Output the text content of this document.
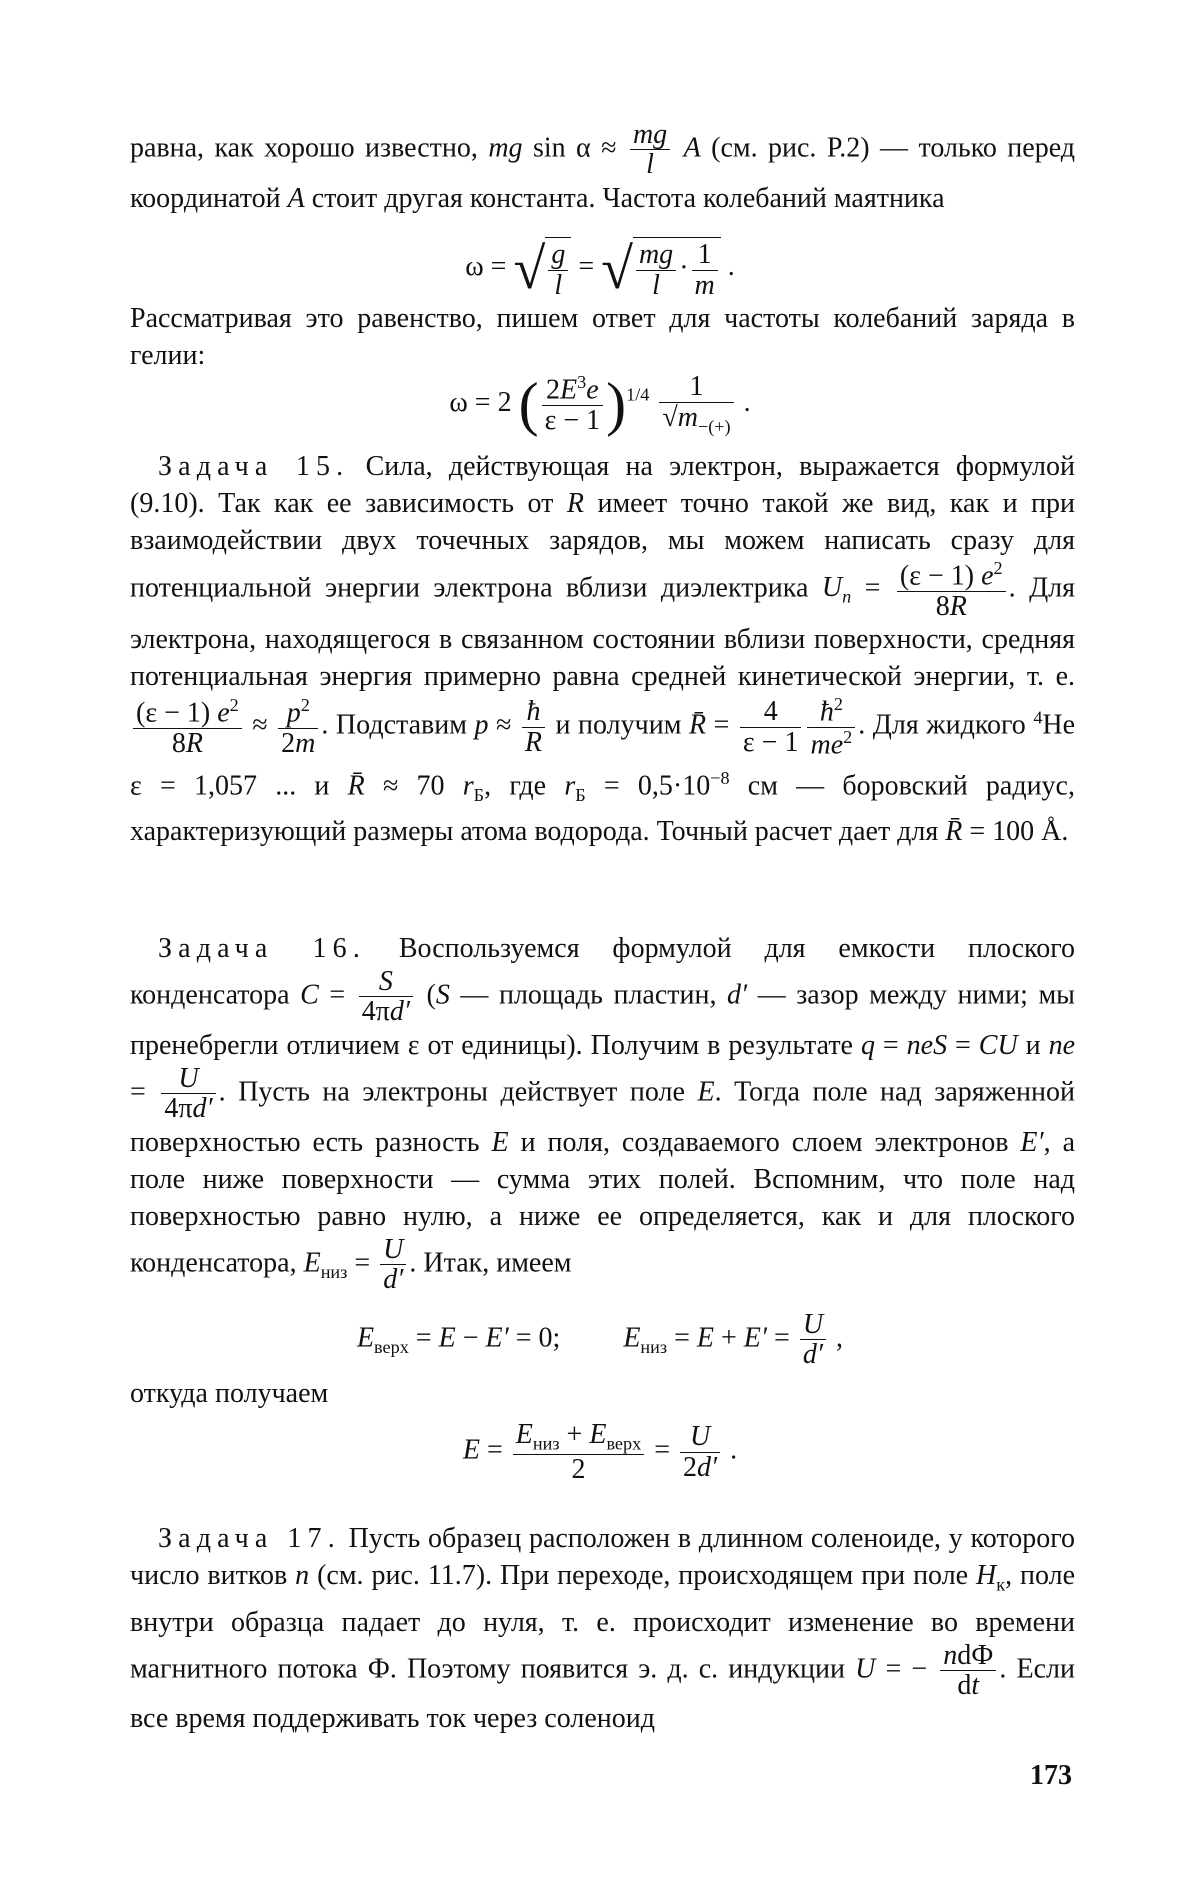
равна, как хорошо известно, mg $\sin \alpha \approx \frac{mg}{l}$ A (см. рис. P.2) — только перед координатой A стоит другая константа. Частота колебаний маятника
ω = √ $\frac{g}{l}$ = √ $\frac{mg}{l} \cdot \frac{1}{m}$ .
Рассматривая это равенство, пишем ответ для частоты колебаний заряда в гелии:
ω = 2 ( $\frac{2E^3e}{\varepsilon - 1} )^{1/4} \frac{1}{√m_{-(+)}}$ .
 Задача 15. Сила, действующая на электрон, выражается формулой (9.10). Так как ее зависимость от R имеет точно такой же вид, как и при взаимодействии двух точечных зарядов, мы можем написать сразу для потенциальной энергии электрона вблизи диэлектрика $U_n = \frac{(\varepsilon - 1) e^2}{8R}$ . Для электрона, находящегося в связанном состоянии вблизи поверхности, средняя потенциальная энергия примерно равна средней кинетической энергии, т. е.
$\frac{(\varepsilon - 1) e^2}{8R} \approx \frac{p^2}{2m}$ . Подставим $p \approx \frac{ħ}{R}$ и получим R̄ = $\frac{4}{\varepsilon - 1} \frac{ħ^2}{me^2}$ . Для жидкого $^4$He ε = 1,057 ... и R̄ ≈ 70 $r_Б$, где $r_Б = 0,5\cdot 10^{-8}$ см — боровский радиус, характеризующий размеры атома водорода. Точный расчет дает для R̄ = 100 Å.
 Задача 16. Воспользуемся формулой для емкости плоского конденсатора $C = \frac{S}{4\pi d'} (S$ — площадь пластин, d′ — зазор между ними; мы пренебрегли отличием ε от единицы). Получим в результате q = neS = CU и ne = $\frac{U}{4\pi d'}$ . Пусть на электроны действует поле E. Тогда поле над заряженной поверхностью есть разность E и поля, создаваемого слоем электронов E′, а поле ниже поверхности — сумма этих полей. Вспомним, что поле над поверхностью равно нулю, а ниже ее определяется, как и для плоского конденсатора, $E_{низ} = \frac{U}{d'}$ . Итак, имеем
$E_{верх} = E - E' = 0$;   $E_{низ} = E + E' = \frac{U}{d'}$ ,
откуда получаем
$E = \frac{E_{низ} + E_{верх}}{2} = \frac{U}{2d'}$ .
 Задача 17. Пусть образец расположен в длинном соленоиде, у которого число витков n (см. рис. 11.7). При переходе, происходящем при поле $H_к$, поле внутри образца падает до нуля, т. е. происходит изменение во времени магнитного потока Ф. Поэтому появится э. д. с. индукции U = − $\frac{\text{ndФ}}{dt}$ . Если все время поддерживать ток через соленоид
173
